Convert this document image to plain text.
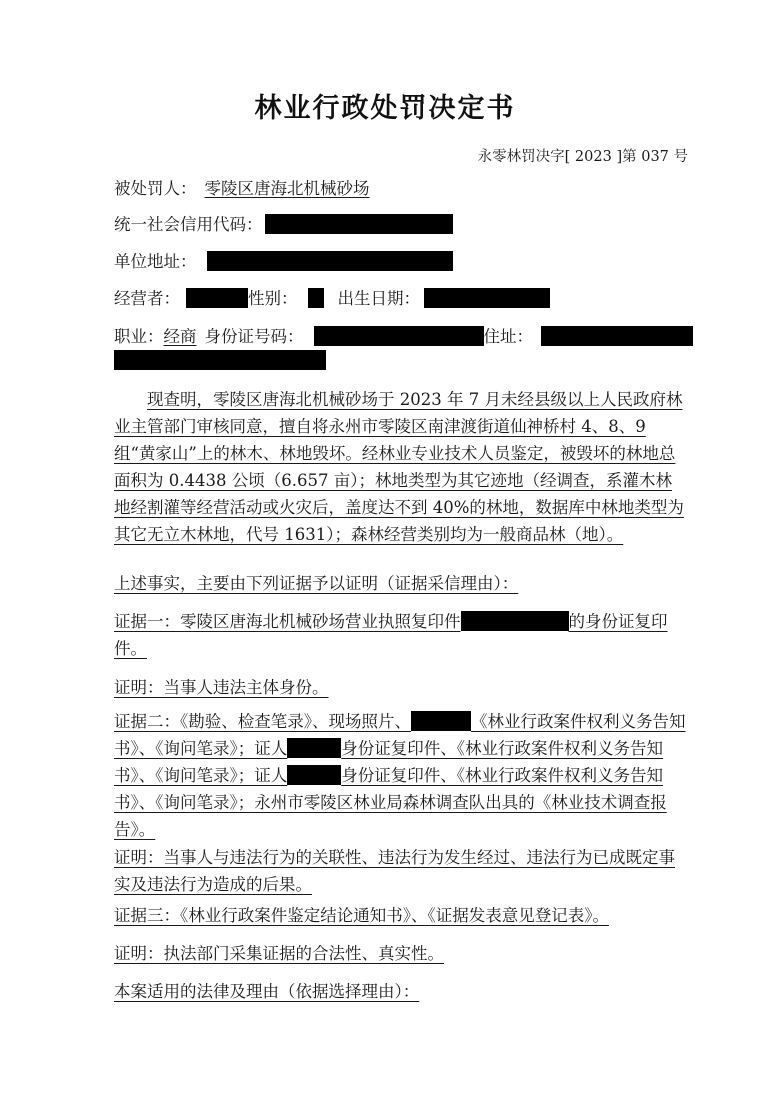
林业行政处罚决定书
永零林罚决字[ 2023 ]第 037 号
被处罚人： 零陵区唐海北机械砂场
统一社会信用代码：
单位地址：
经营者：	性别： 出生日期：
职业：经商 身份证号码：	住址：

现查明，零陵区唐海北机械砂场于 2023 年 7 月未经县级以上人民政府林业主管部门审核同意，擅自将永州市零陵区南津渡街道仙神桥村 4、8、9 组“黄家山”上的林木、林地毁坏。经林业专业技术人员鉴定，被毁坏的林地总面积为 0.4438 公顷（6.657 亩）；林地类型为其它迹地（经调查，系灌木林地经割灌等经营活动或火灾后，盖度达不到 40%的林地，数据库中林地类型为其它无立木林地，代号 1631）；森林经营类别均为一般商品林（地）。

上述事实，主要由下列证据予以证明（证据采信理由）：

证据一：零陵区唐海北机械砂场营业执照复印件	的身份证复印件。

证明：当事人违法主体身份。

证据二：《勘验、检查笔录》、现场照片、	《林业行政案件权利义务告知书》、《询问笔录》；证人	身份证复印件、《林业行政案件权利义务告知书》、《询问笔录》；证人	身份证复印件、《林业行政案件权利义务告知书》、《询问笔录》；永州市零陵区林业局森林调查队出具的《林业技术调查报告》。

证明：当事人与违法行为的关联性、违法行为发生经过、违法行为已成既定事实及违法行为造成的后果。

证据三：《林业行政案件鉴定结论通知书》、《证据发表意见登记表》。

证明：执法部门采集证据的合法性、真实性。

本案适用的法律及理由（依据选择理由）：
